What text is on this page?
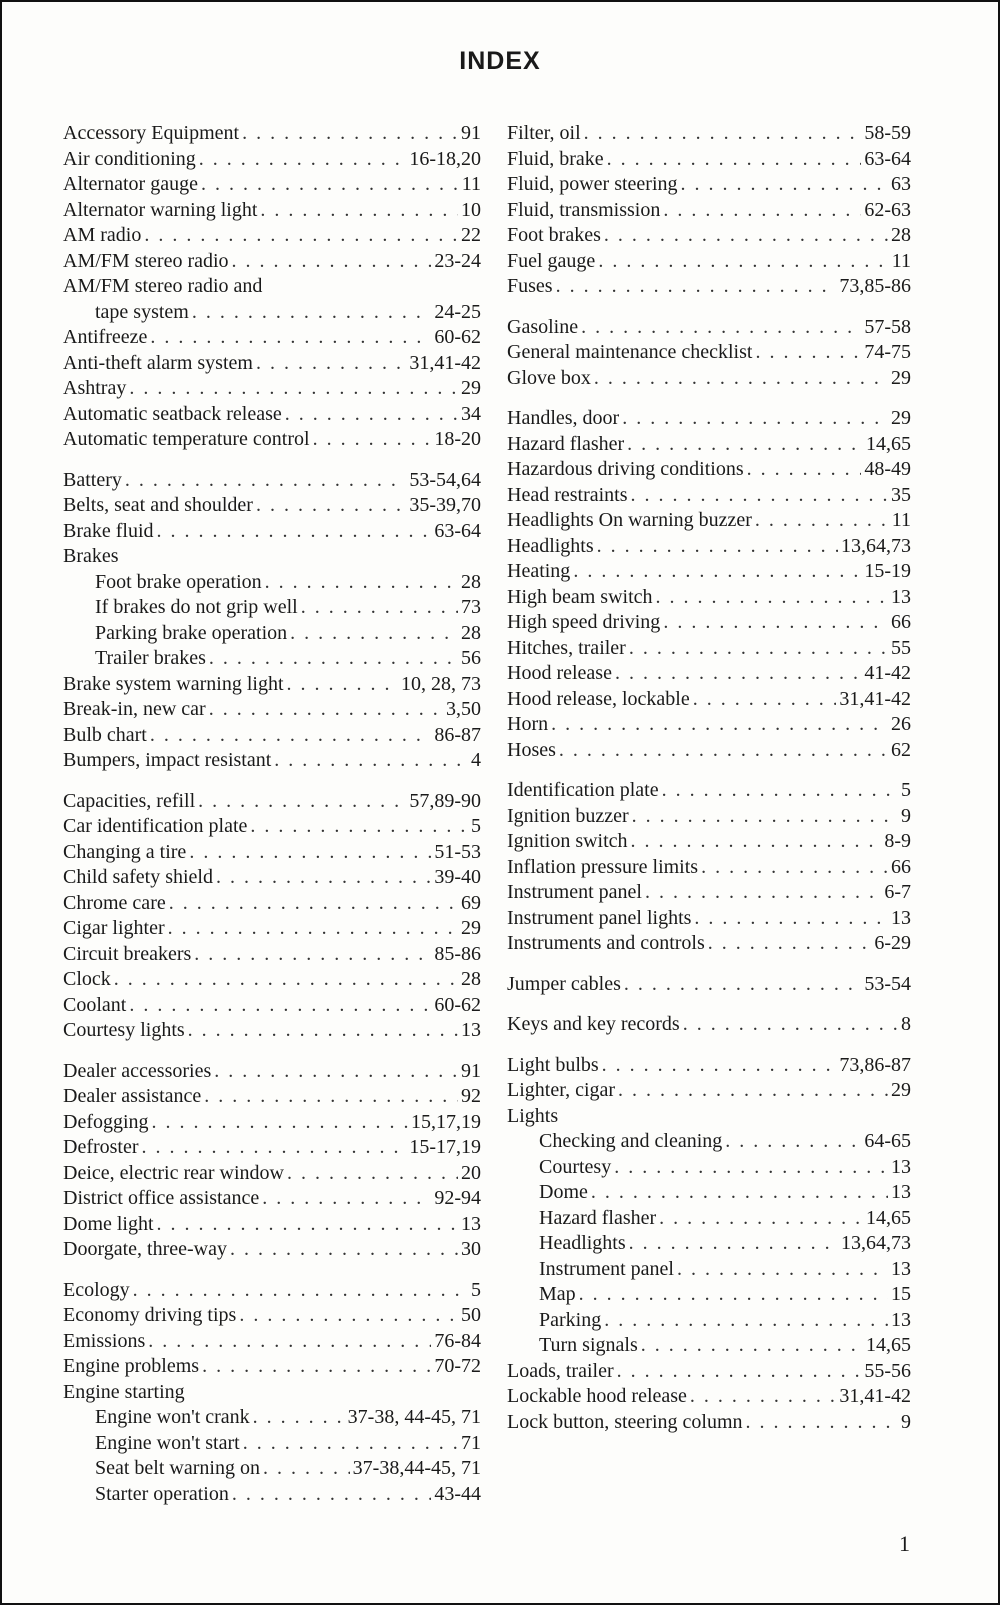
INDEX
Accessory Equipment . . .	91
Air conditioning . . .	16-18,20
Alternator gauge . . .	11
Alternator warning light . . .	10
AM radio . . .	22
AM/FM stereo radio . . .	23-24
AM/FM stereo radio and
tape system . . .	24-25
Antifreeze . . .	60-62
Anti-theft alarm system . . .	31,41-42
Ashtray . . .	29
Automatic seatback release . . .	34
Automatic temperature control . . .	18-20
Battery . . .	53-54,64
Belts, seat and shoulder . . .	35-39,70
Brake fluid . . .	63-64
Brakes
Foot brake operation . . .	28
If brakes do not grip well . . .	73
Parking brake operation . . .	28
Trailer brakes . . .	56
Brake system warning light . . .	10, 28, 73
Break-in, new car . . .	3,50
Bulb chart . . .	86-87
Bumpers, impact resistant . . .	4
Capacities, refill . . .	57,89-90
Car identification plate . . .	5
Changing a tire . . .	51-53
Child safety shield . . .	39-40
Chrome care . . .	69
Cigar lighter . . .	29
Circuit breakers . . .	85-86
Clock . . .	28
Coolant . . .	60-62
Courtesy lights . . .	13
Dealer accessories . . .	91
Dealer assistance . . .	92
Defogging . . .	15,17,19
Defroster . . .	15-17,19
Deice, electric rear window . . .	20
District office assistance . . .	92-94
Dome light . . .	13
Doorgate, three-way . . .	30
Ecology . . .	5
Economy driving tips . . .	50
Emissions . . .	76-84
Engine problems . . .	70-72
Engine starting
Engine won't crank . . .	37-38, 44-45, 71
Engine won't start . . .	71
Seat belt warning on . . .	37-38,44-45, 71
Starter operation . . .	43-44
Filter, oil . . .	58-59
Fluid, brake . . .	63-64
Fluid, power steering . . .	63
Fluid, transmission . . .	62-63
Foot brakes . . .	28
Fuel gauge . . .	11
Fuses . . .	73,85-86
Gasoline . . .	57-58
General maintenance checklist . . .	74-75
Glove box . . .	29
Handles, door . . .	29
Hazard flasher . . .	14,65
Hazardous driving conditions . . .	48-49
Head restraints . . .	35
Headlights On warning buzzer . . .	11
Headlights . . .	13,64,73
Heating . . .	15-19
High beam switch . . .	13
High speed driving . . .	66
Hitches, trailer . . .	55
Hood release . . .	41-42
Hood release, lockable . . .	31,41-42
Horn . . .	26
Hoses . . .	62
Identification plate . . .	5
Ignition buzzer . . .	9
Ignition switch . . .	8-9
Inflation pressure limits . . .	66
Instrument panel . . .	6-7
Instrument panel lights . . .	13
Instruments and controls . . .	6-29
Jumper cables . . .	53-54
Keys and key records . . .	8
Light bulbs . . .	73,86-87
Lighter, cigar . . .	29
Lights
Checking and cleaning . . .	64-65
Courtesy . . .	13
Dome . . .	13
Hazard flasher . . .	14,65
Headlights . . .	13,64,73
Instrument panel . . .	13
Map . . .	15
Parking . . .	13
Turn signals . . .	14,65
Loads, trailer . . .	55-56
Lockable hood release . . .	31,41-42
Lock button, steering column . . .	9
1
